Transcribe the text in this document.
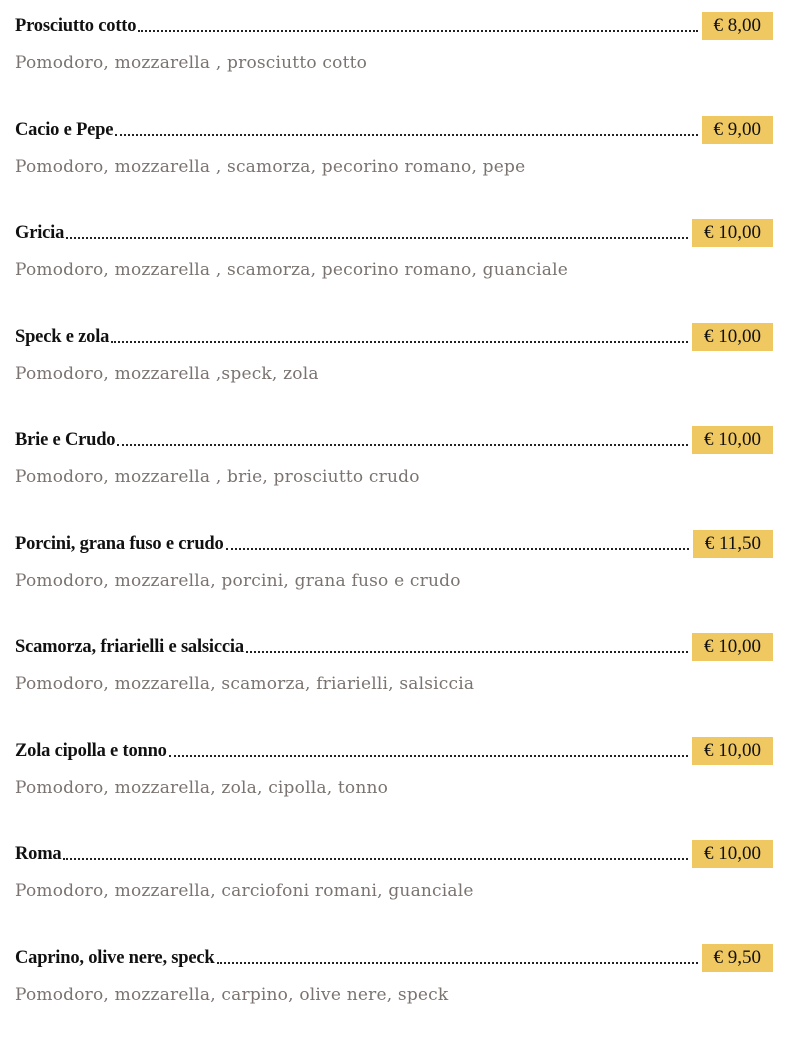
Prosciutto cotto	€ 8,00
Pomodoro, mozzarella , prosciutto cotto
Cacio e Pepe	€ 9,00
Pomodoro, mozzarella , scamorza, pecorino romano, pepe
Gricia	€ 10,00
Pomodoro, mozzarella , scamorza, pecorino romano, guanciale
Speck e zola	€ 10,00
Pomodoro, mozzarella ,speck, zola
Brie e Crudo	€ 10,00
Pomodoro, mozzarella , brie, prosciutto crudo
Porcini, grana fuso e crudo	€ 11,50
Pomodoro, mozzarella, porcini, grana fuso e crudo
Scamorza, friarielli e salsiccia	€ 10,00
Pomodoro, mozzarella, scamorza, friarielli, salsiccia
Zola cipolla e tonno	€ 10,00
Pomodoro, mozzarella, zola, cipolla, tonno
Roma	€ 10,00
Pomodoro, mozzarella, carciofoni romani, guanciale
Caprino, olive nere, speck	€ 9,50
Pomodoro, mozzarella, carpino, olive nere, speck
